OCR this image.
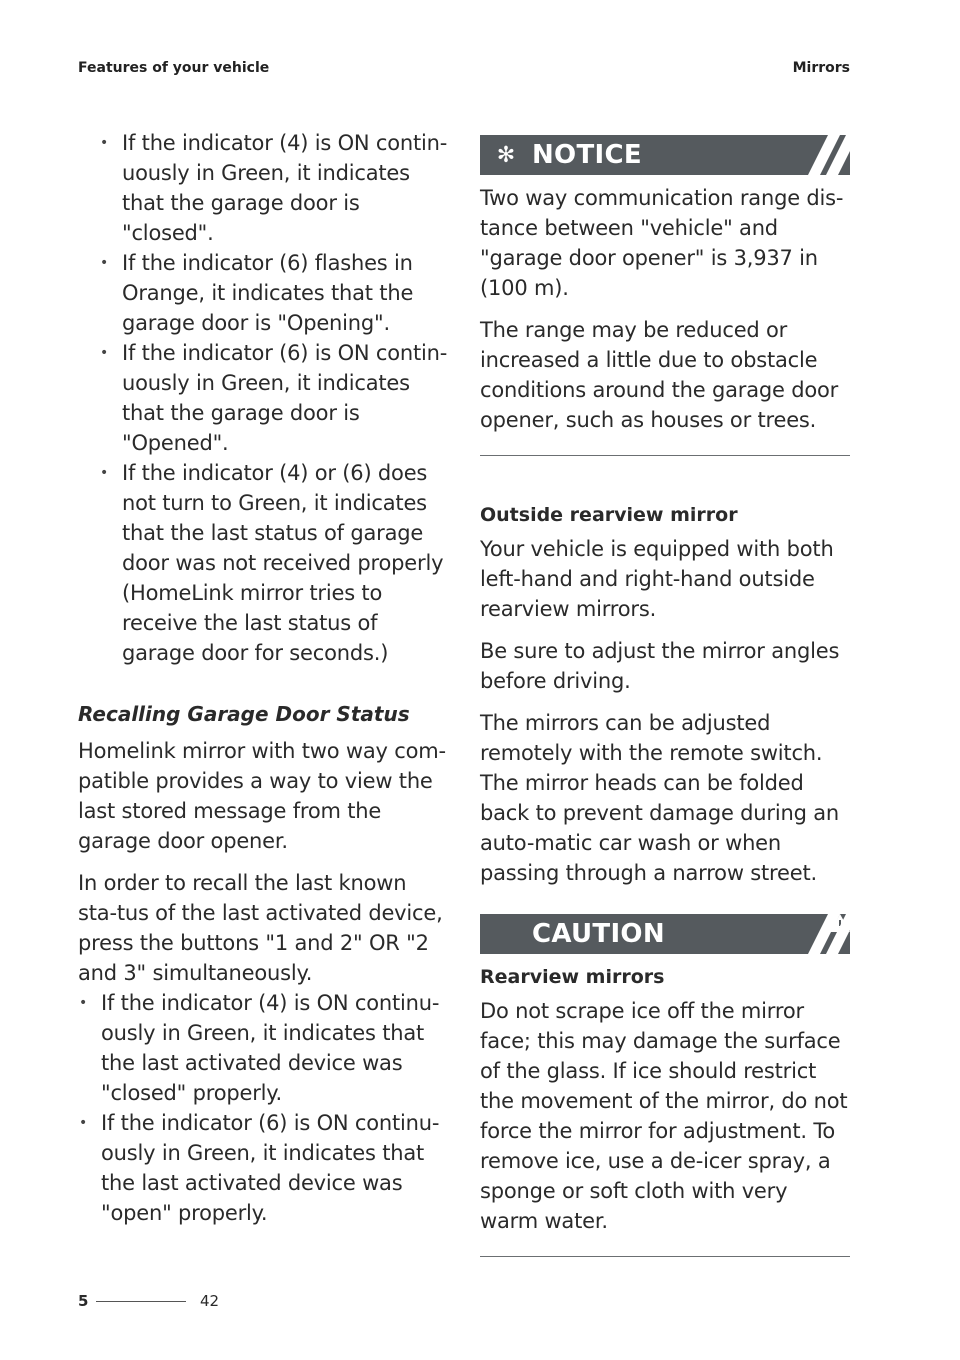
Features of your vehicle	Mirrors
• If the indicator (4) is ON contin-uously in Green, it indicates that the garage door is "closed".
• If the indicator (6) flashes in Orange, it indicates that the garage door is "Opening".
• If the indicator (6) is ON contin-uously in Green, it indicates that the garage door is "Opened".
• If the indicator (4) or (6) does not turn to Green, it indicates that the last status of garage door was not received properly (HomeLink mirror tries to receive the last status of garage door for seconds.)
Recalling Garage Door Status

Homelink mirror with two way com-patible provides a way to view the last stored message from the garage door opener.

In order to recall the last known sta-tus of the last activated device, press the buttons "1 and 2" OR "2 and 3" simultaneously.

• If the indicator (4) is ON continu-ously in Green, it indicates that the last activated device was "closed" properly.
• If the indicator (6) is ON continu-ously in Green, it indicates that the last activated device was "open" properly.
✻ NOTICE

Two way communication range dis-tance between "vehicle" and "garage door opener" is 3,937 in (100 m).

The range may be reduced or increased a little due to obstacle conditions around the garage door opener, such as houses or trees.

Outside rearview mirror

Your vehicle is equipped with both left-hand and right-hand outside rearview mirrors.

Be sure to adjust the mirror angles before driving.

The mirrors can be adjusted remotely with the remote switch. The mirror heads can be folded back to prevent damage during an auto-matic car wash or when passing through a narrow street.

CAUTION
Rearview mirrors

Do not scrape ice off the mirror face; this may damage the surface of the glass. If ice should restrict the movement of the mirror, do not force the mirror for adjustment. To remove ice, use a de-icer spray, a sponge or soft cloth with very warm water.

5	42
